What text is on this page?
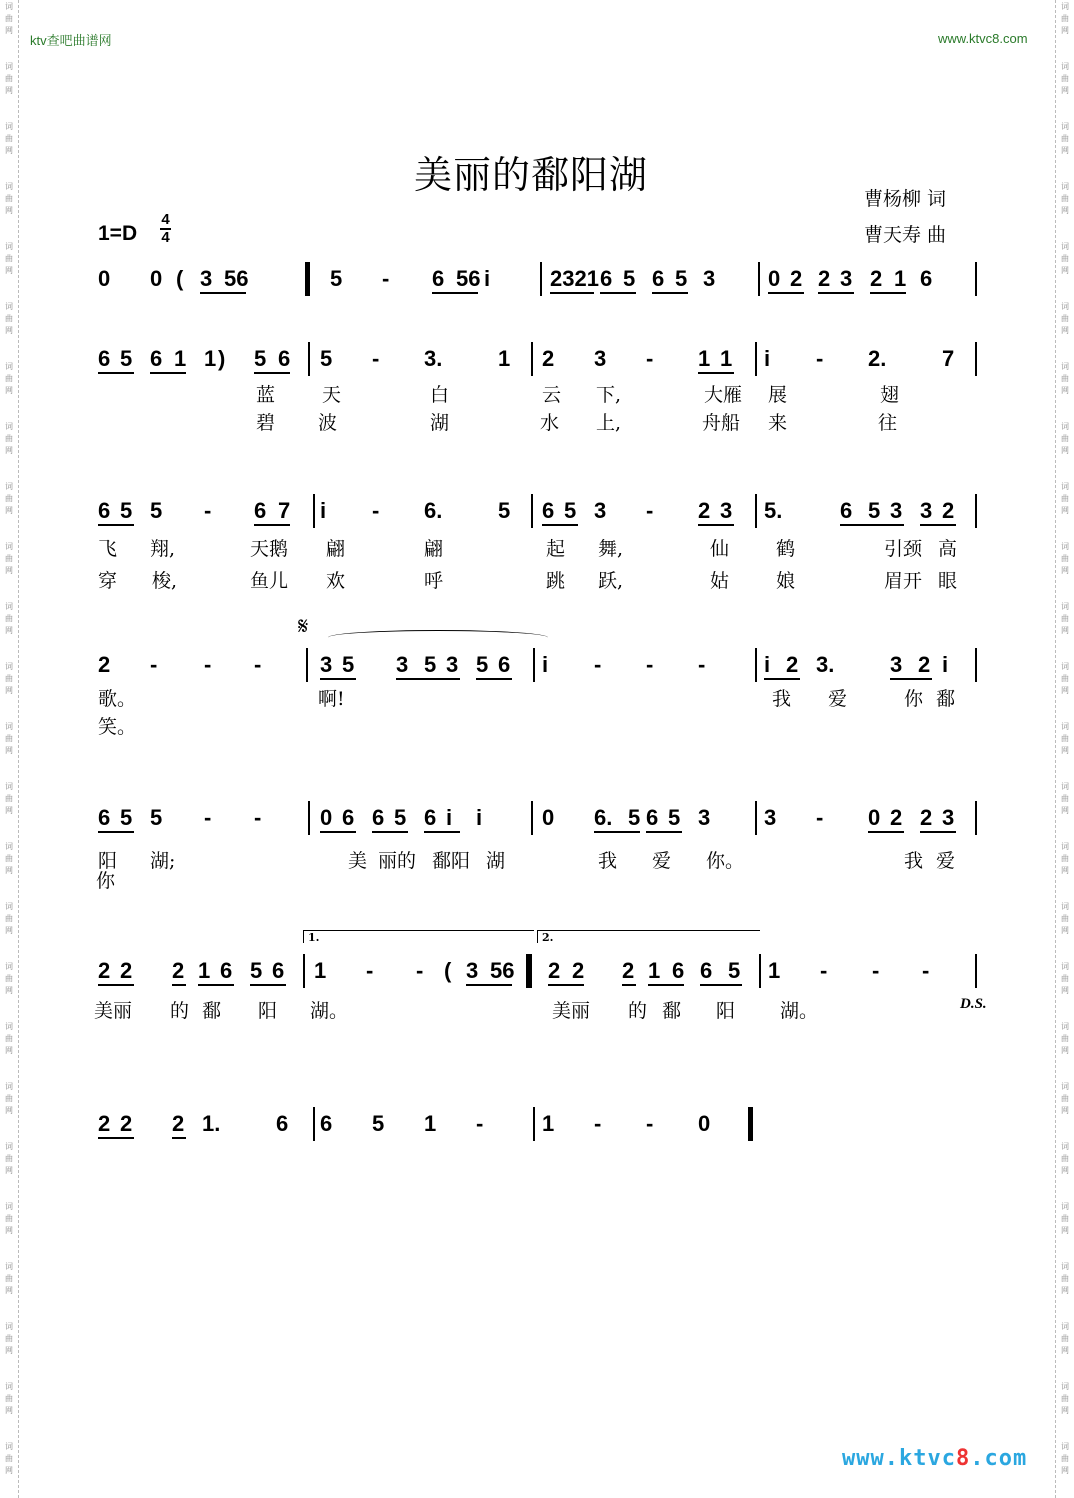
词
曲
网
词
曲
网
词
曲
网
词
曲
网
词
曲
网
词
曲
网
词
曲
网
词
曲
网
词
曲
网
词
曲
网
词
曲
网
词
曲
网
词
曲
网
词
曲
网
词
曲
网
词
曲
网
词
曲
网
词
曲
网
词
曲
网
词
曲
网
词
曲
网
词
曲
网
词
曲
网
词
曲
网
词
曲
网
词
曲
网
词
曲
网
词
曲
网
词
曲
网
词
曲
网
词
曲
网
词
曲
网
词
曲
网
词
曲
网
词
曲
网
词
曲
网
词
曲
网
词
曲
网
词
曲
网
词
曲
网
词
曲
网
词
曲
网
词
曲
网
词
曲
网
词
曲
网
词
曲
网
词
曲
网
词
曲
网
词
曲
网
词
曲
网
ktv查吧曲谱网	www.ktvc8.com
美丽的鄱阳湖
曹杨柳 词
曹天寿 曲
1=D
4
4
0 0 ( 3 56	5 - 6 56 i	2321 6 5 6 5 3 0 2 2 3 2 1 6
6 5 6 1 1 ) 5 6 5 - 3.	1 2 3 - 1 1 i - 2.	7
蓝 天	白	云 下,	大雁 展	翅
碧 波	湖	水 上,	舟船 来	往
6 5 5 - 6 7 i - 6.	5 6 5 3 - 2 3 5.	6 5 3 3 2
飞 翔,	天鹅 翩	翩	起 舞,	仙 鹤	引颈 高
穿 梭,	鱼儿 欢	呼	跳 跃,	姑 娘	眉开 眼
2 - - -	3 5 3 5 3 5 6 i - - -	i 2 3.	3 2 i
歌。	啊!	我 爱	你 鄱
笑。
6 5 5 - -	0 6 6 5 6 i i	0 6. 5 6 5 3 3 - 0 2 2 3
阳 湖;	美 丽的 鄱阳 湖	我 爱 你。	我 爱
你
2 2 2 1 6 5 6 1 - - ( 3 56 2 2 2 1 6 6 5 1 - - -
美丽 的 鄱 阳 湖。	美丽 的 鄱 阳 湖。
2 2 2 1.	6 6 5 1 -	1 - - 0
𝄋
D.S.
1.	2.
www.ktvc8.com
